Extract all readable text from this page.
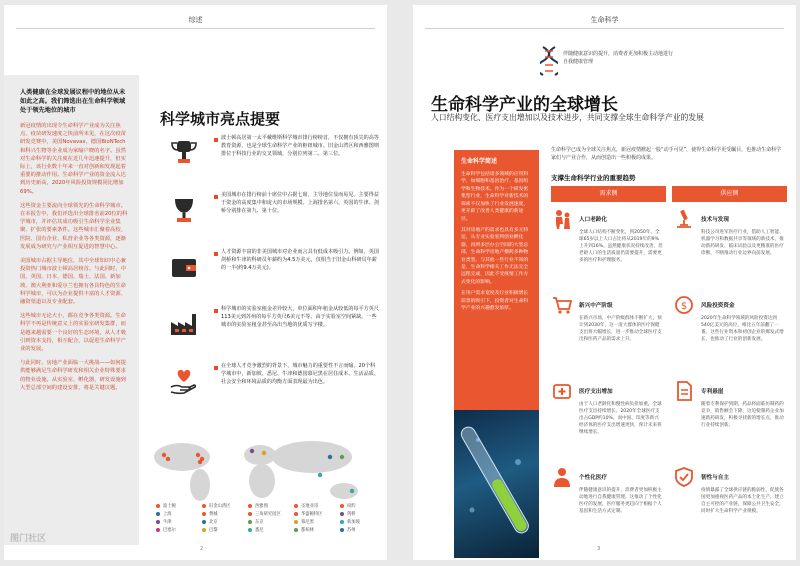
综述
人类健康在全球发展议程中的地位从未如此之高。我们筛选出在生命科学领域处于领先地位的城市
新冠疫情的出现令生命科学产业成为关注焦点，疫苗研发速度之快前所未见，在这次疫苗研发竞赛中，美国Novavax、德国BioNTech和科兴生物等企业成为家喻户晓的名字。虽然对生命科学的关注度在近几年迅速提升，但实际上，该行业数十年来一直对创新和发现起着重要的推动作用。生命科学产业的资金流入达到历史新高，2020年风险投资规模同比增加69%。
这些资金主要流向全球领先的生命科学城市。在本报告中，我们评选出全球排名前20位的科学城市，并评估其成功吸引生命科学企业集聚、扩张的要素条件。这些城市汇聚着高校、医院、国有企业、私营企业等各类资源，逐渐发展成为研究与产业相互促进的智慧中心。
美国城市占据主导地位，其中全球知识中心兼投资热门城市波士顿高居榜首。与此同时，中国、英国、日本、德国、瑞士、法国、新加坡、澳大利亚和爱尔兰也拥有各具特色的生命科学城市，可以为企业提供丰富的人才资源、融资渠道以及专业配套。
这些城市无论大小，都在竞争各类资源。生命科学不再是传统意义上的实验室研发集群，而是越来越需要一个良好的生态环境，从人才吸引到资本支持，相互配合，以促进生命科学产业的发展。
与此同时，房地产业面临一大挑战——如何提供能够满足生命科学研发和相关企业特殊要求的物业设施。从实验室、孵化器、研发设施到大型总部空间的建设安排，将是关键议题。
科学城市亮点提要
波士顿高居第一太平戴维斯科学城市排行榜榜首，不仅拥有顶尖的高等教育资源，也是全球生命科学产业的枢纽城市。旧金山湾区和西雅图则排位于科技行业的交叉领域，分别位列第二、第三位。
美国城市在排行榜前十席位中占据七席，主导地位显而易见。主要得益于资金的高度集中和庞大的市场规模。上海排名第六，英国的牛津、剑桥分别排在第九、第十位。
人才资源丰富的非美国城市对企业而言具有低成本吸引力。例如，英国剑桥和牛津的科研员年薪约为4.5万美元，仅相当于旧金山科研员年薪的一半(约9.4万美元)。
科学城市的实验室租金差异较大，单位面积年租金从较低的每平方英尺113美元到苏州的每平方英尺6美元不等。由于实验室空间紧缺，一些城市的实验室租金甚至高出当地的优质写字楼。
在全球人才竞争激烈的背景下，城市魅力的重要性不言而喻。20个科学城市中，新加坡、悉尼、牛津和德国慕尼黑在居住成本、生活品质、社会安全和环境品质的均衡方面表现最为出色。
波士顿	旧金山湾区	西雅图	圣地亚哥	纽约
上海	费城	三角研究园区	华盛顿特区	剑桥
牛津	北京	东京	慕尼黑	新加坡
巴塞尔	巴黎	悉尼	都柏林	苏州
2
图门社区
生命科学
伴随健康意识的提升，消费者更加积极主动地进行自我健康管理
生命科学产业的全球增长
人口结构变化、医疗支出增加以及技术进步，共同支撑全球生命科学产业的发展
生命科学简述
生命科学包括诸多领域的应用科学，如细胞和基因治疗、基因组学和生物技术。作为一个研发密集型行业，生命科学对新技术的探索不仅加快了行业发展速度，更开辟了改善人类健康的新途径。
其对房地产的需求也具有多元特征，从专业实验室到创业孵化器，再到多层办公空间的大型总部，生命科学房地产横跨多种物业类型。与其他一些行业不同的是，生命科学相关工作无法完全远程完成，因此不受疫情工作方式变化的影响。
在用户需求宽度及行业积极增长前景的吸引下，投资者对生命科学产业的兴趣愈发浓厚。
生命科学已成为全球关注焦点，新冠疫情掀起一股“动手可见”，使得生命科学更受瞩目，也推动生命科学家们与产业合作，从而创造出一些积极的成果。
支撑生命科学行业的重要趋势
需求侧	供应侧
人口老龄化
全球人口结构不断变化，到2050年，全球65岁以上人口占比将从2019年的9%上升到16%。虽然健康状况持续改善，但老龄人口的生活质量仍需要提升，需要更多的医疗和护理服务。
技术与发现
科技公司进军医疗行业，借助人工智能、机器学习和数据共享等领域的新技术，推动新药研发、临床试验以及更精准的医疗诊断，不断推动行业边界向前发展。
新兴中产阶级
在新兴市场，中产阶级群体不断扩大，预计到2030年，这一庞大群体的医疗保健支出将大幅增长，进一步推动全球医疗支出和医药产品的需求上升。
$ 风险投资资金
2020年生命科学领域的风险投资达到540亿美元的高位，相比五年前翻了一番。这些行业资本和初创企业的爆发式增长，也推动了行业的创新发展。
医疗支出增加
由于人口老龄化和慢性病负担加重，全球医疗支出持续增长。2020年全球医疗支出占GDP约10%，而中国、印度等新兴经济体的医疗支出增速更快，预计未来将继续增长。
专利悬崖
随着专利保护到期，药品将面临仿制药的竞争，销售额会下降，这迫使制药企业加速新药研发，积极寻找新的增长点，推动行业持续创新。
个性化医疗
伴随健康意识的提升，消费者更加积极主动地进行自我健康管理。这推动了个性化医疗的发展，医疗服务更趋向于根据个人基因和生活方式定制。
韧性与自主
疫情暴露了全球供应链的脆弱性，促使各国更加重视医药产品的本土化生产，建立自主可控的产业链，保障公共卫生安全，同时扩大生命科学产业规模。
3
